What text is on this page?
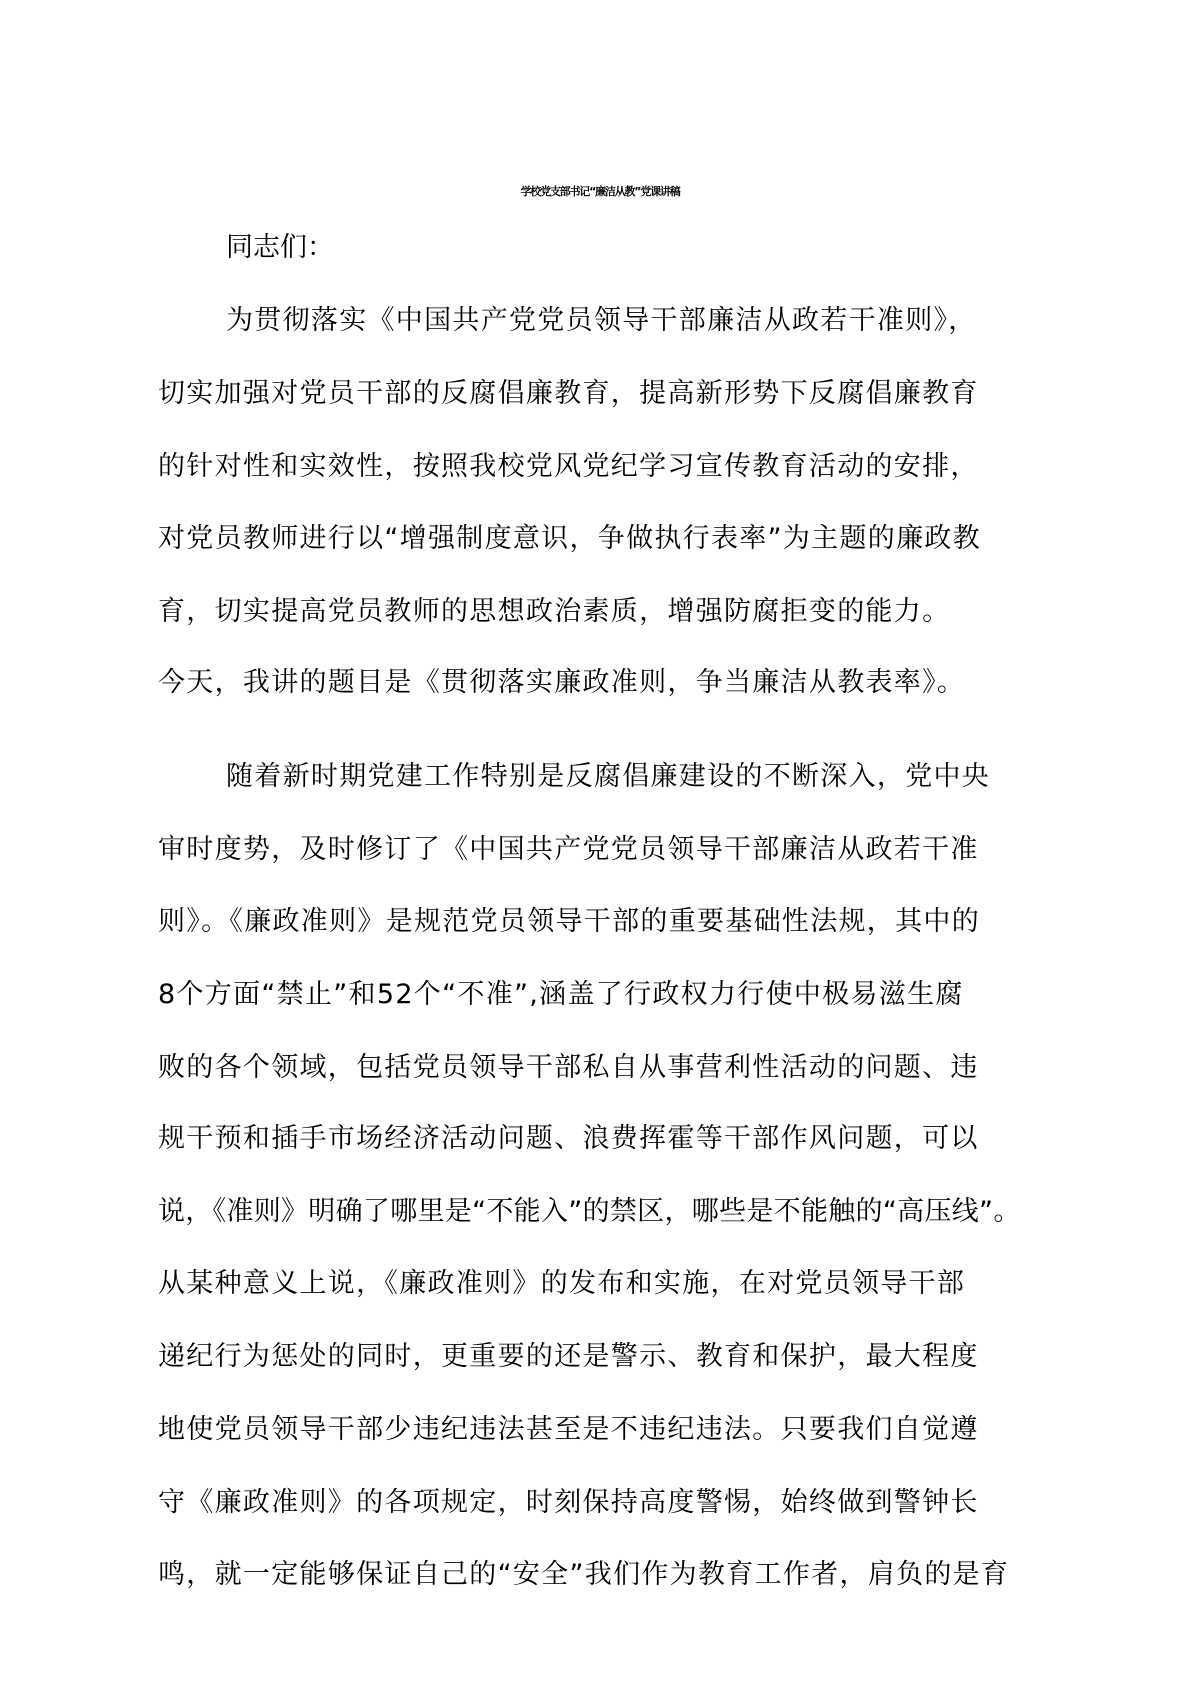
学校党支部书记“廉洁从教”党课讲稿
同志们：
为贯彻落实《中国共产党党员领导干部廉洁从政若干准则》，
切实加强对党员干部的反腐倡廉教育，提高新形势下反腐倡廉教育
的针对性和实效性，按照我校党风党纪学习宣传教育活动的安排，
对党员教师进行以“增强制度意识，争做执行表率”为主题的廉政教
育，切实提高党员教师的思想政治素质，增强防腐拒变的能力。
今天，我讲的题目是《贯彻落实廉政准则，争当廉洁从教表率》。
随着新时期党建工作特别是反腐倡廉建设的不断深入，党中央
审时度势，及时修订了《中国共产党党员领导干部廉洁从政若干准
则》。《廉政准则》是规范党员领导干部的重要基础性法规，其中的
8个方面“禁止”和52个“不准”,涵盖了行政权力行使中极易滋生腐
败的各个领域，包括党员领导干部私自从事营利性活动的问题、违
规干预和插手市场经济活动问题、浪费挥霍等干部作风问题，可以
说，《准则》明确了哪里是“不能入”的禁区，哪些是不能触的“高压线”。
从某种意义上说，《廉政准则》的发布和实施，在对党员领导干部
递纪行为惩处的同时，更重要的还是警示、教育和保护，最大程度
地使党员领导干部少违纪违法甚至是不违纪违法。只要我们自觉遵
守《廉政准则》的各项规定，时刻保持高度警惕，始终做到警钟长
鸣，就一定能够保证自己的“安全”我们作为教育工作者，肩负的是育
